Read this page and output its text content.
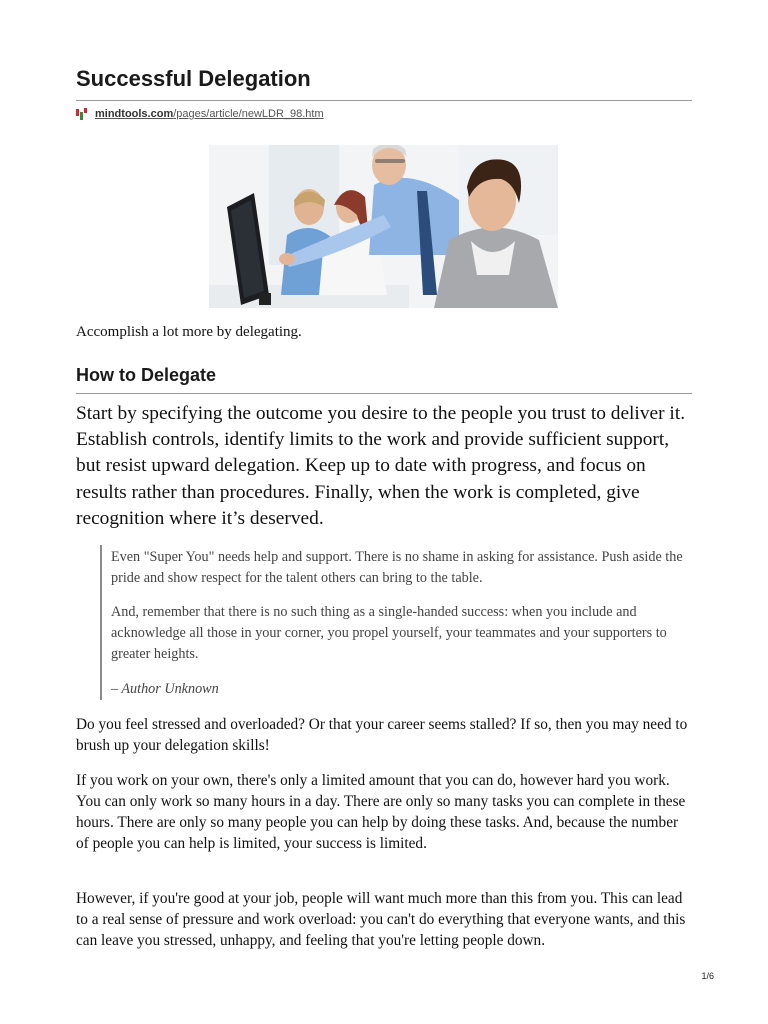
Successful Delegation
mindtools.com/pages/article/newLDR_98.htm

Accomplish a lot more by delegating.

How to Delegate

Start by specifying the outcome you desire to the people you trust to deliver it. Establish controls, identify limits to the work and provide sufficient support, but resist upward delegation. Keep up to date with progress, and focus on results rather than procedures. Finally, when the work is completed, give recognition where it’s deserved.

Even "Super You" needs help and support. There is no shame in asking for assistance. Push aside the pride and show respect for the talent others can bring to the table.

And, remember that there is no such thing as a single-handed success: when you include and acknowledge all those in your corner, you propel yourself, your teammates and your supporters to greater heights.

– Author Unknown

Do you feel stressed and overloaded? Or that your career seems stalled? If so, then you may need to brush up your delegation skills!

If you work on your own, there's only a limited amount that you can do, however hard you work. You can only work so many hours in a day. There are only so many tasks you can complete in these hours. There are only so many people you can help by doing these tasks. And, because the number of people you can help is limited, your success is limited.

However, if you're good at your job, people will want much more than this from you. This can lead to a real sense of pressure and work overload: you can't do everything that everyone wants, and this can leave you stressed, unhappy, and feeling that you're letting people down.

1/6
